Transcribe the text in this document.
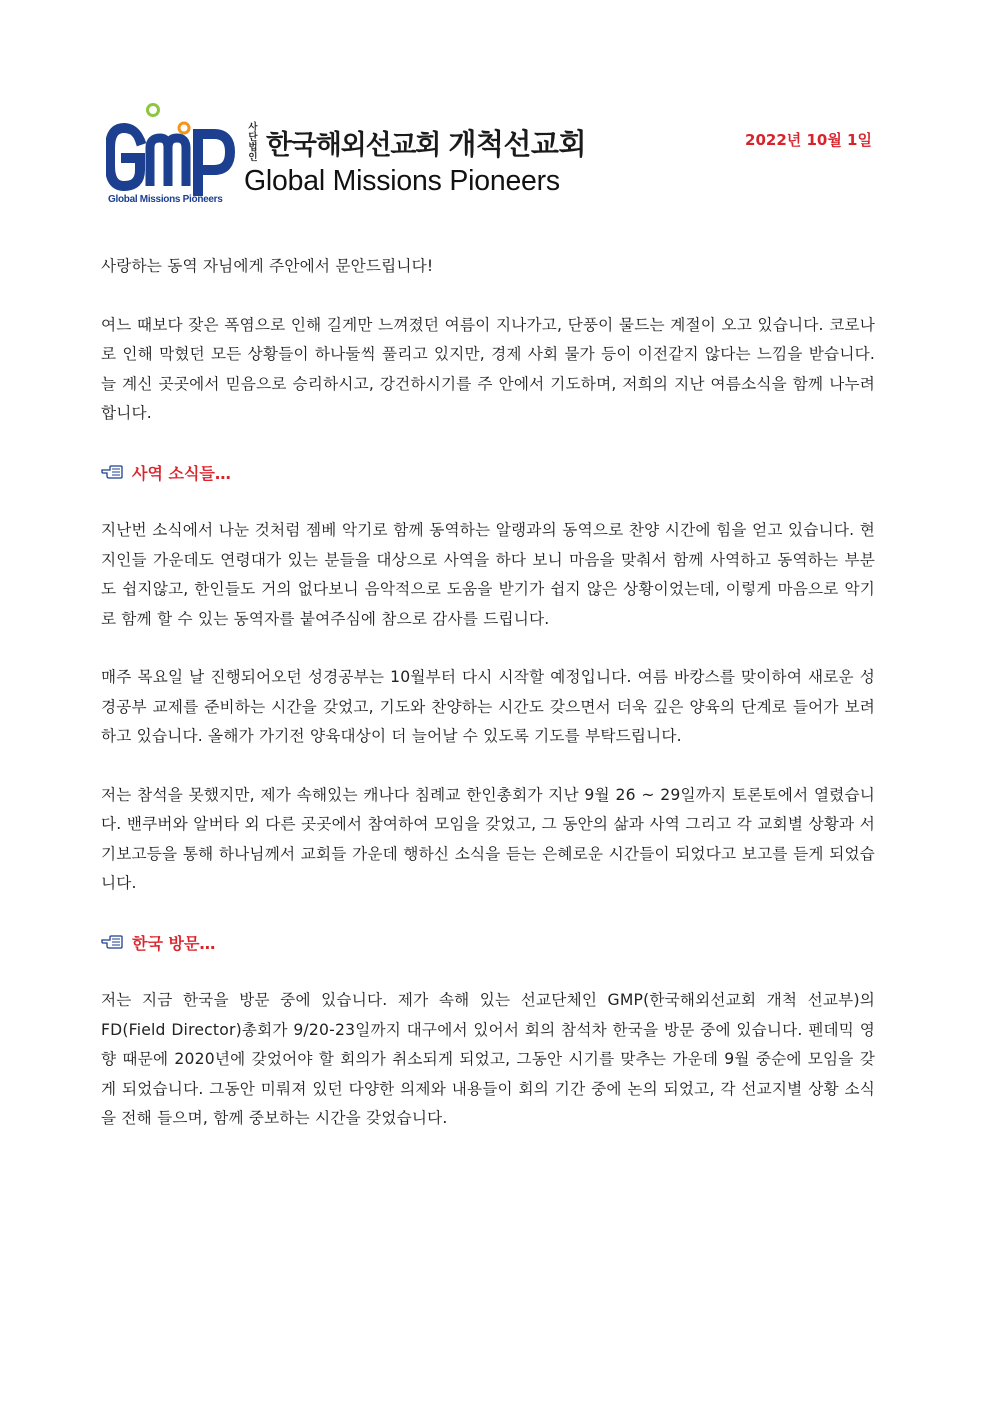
Global Missions Pioneers
사단
법인 한국해외선교회 개척선교회
Global Missions Pioneers
2022년 10월 1일

사랑하는 동역 자님에게 주안에서 문안드립니다!

여느 때보다 잦은 폭염으로 인해 길게만 느껴졌던 여름이 지나가고, 단풍이 물드는 계절이 오고 있습니다. 코로나로 인해 막혔던 모든 상황들이 하나둘씩 풀리고 있지만, 경제 사회 물가 등이 이전같지 않다는 느낌을 받습니다. 늘 계신 곳곳에서 믿음으로 승리하시고, 강건하시기를 주 안에서 기도하며, 저희의 지난 여름소식을 함께 나누려 합니다.

사역 소식들…

지난번 소식에서 나눈 것처럼 젬베 악기로 함께 동역하는 알랭과의 동역으로 찬양 시간에 힘을 얻고 있습니다. 현지인들 가운데도 연령대가 있는 분들을 대상으로 사역을 하다 보니 마음을 맞춰서 함께 사역하고 동역하는 부분도 쉽지않고, 한인들도 거의 없다보니 음악적으로 도움을 받기가 쉽지 않은 상황이었는데, 이렇게 마음으로 악기로 함께 할 수 있는 동역자를 붙여주심에 참으로 감사를 드립니다.

매주 목요일 날 진행되어오던 성경공부는 10월부터 다시 시작할 예정입니다. 여름 바캉스를 맞이하여 새로운 성경공부 교제를 준비하는 시간을 갖었고, 기도와 찬양하는 시간도 갖으면서 더욱 깊은 양육의 단계로 들어가 보려 하고 있습니다. 올해가 가기전 양육대상이 더 늘어날 수 있도록 기도를 부탁드립니다.

저는 참석을 못했지만, 제가 속해있는 캐나다 침례교 한인총회가 지난 9월 26 ~ 29일까지 토론토에서 열렸습니다. 밴쿠버와 알버타 외 다른 곳곳에서 참여하여 모임을 갖었고, 그 동안의 삶과 사역 그리고 각 교회별 상황과 서기보고등을 통해 하나님께서 교회들 가운데 행하신 소식을 듣는 은혜로운 시간들이 되었다고 보고를 듣게 되었습니다.

한국 방문…

저는 지금 한국을 방문 중에 있습니다. 제가 속해 있는 선교단체인 GMP(한국해외선교회 개척 선교부)의 FD(Field Director)총회가 9/20-23일까지 대구에서 있어서 회의 참석차 한국을 방문 중에 있습니다. 펜데믹 영향 때문에 2020년에 갖었어야 할 회의가 취소되게 되었고, 그동안 시기를 맞추는 가운데 9월 중순에 모임을 갖게 되었습니다. 그동안 미뤄져 있던 다양한 의제와 내용들이 회의 기간 중에 논의 되었고, 각 선교지별 상황 소식을 전해 들으며, 함께 중보하는 시간을 갖었습니다.
